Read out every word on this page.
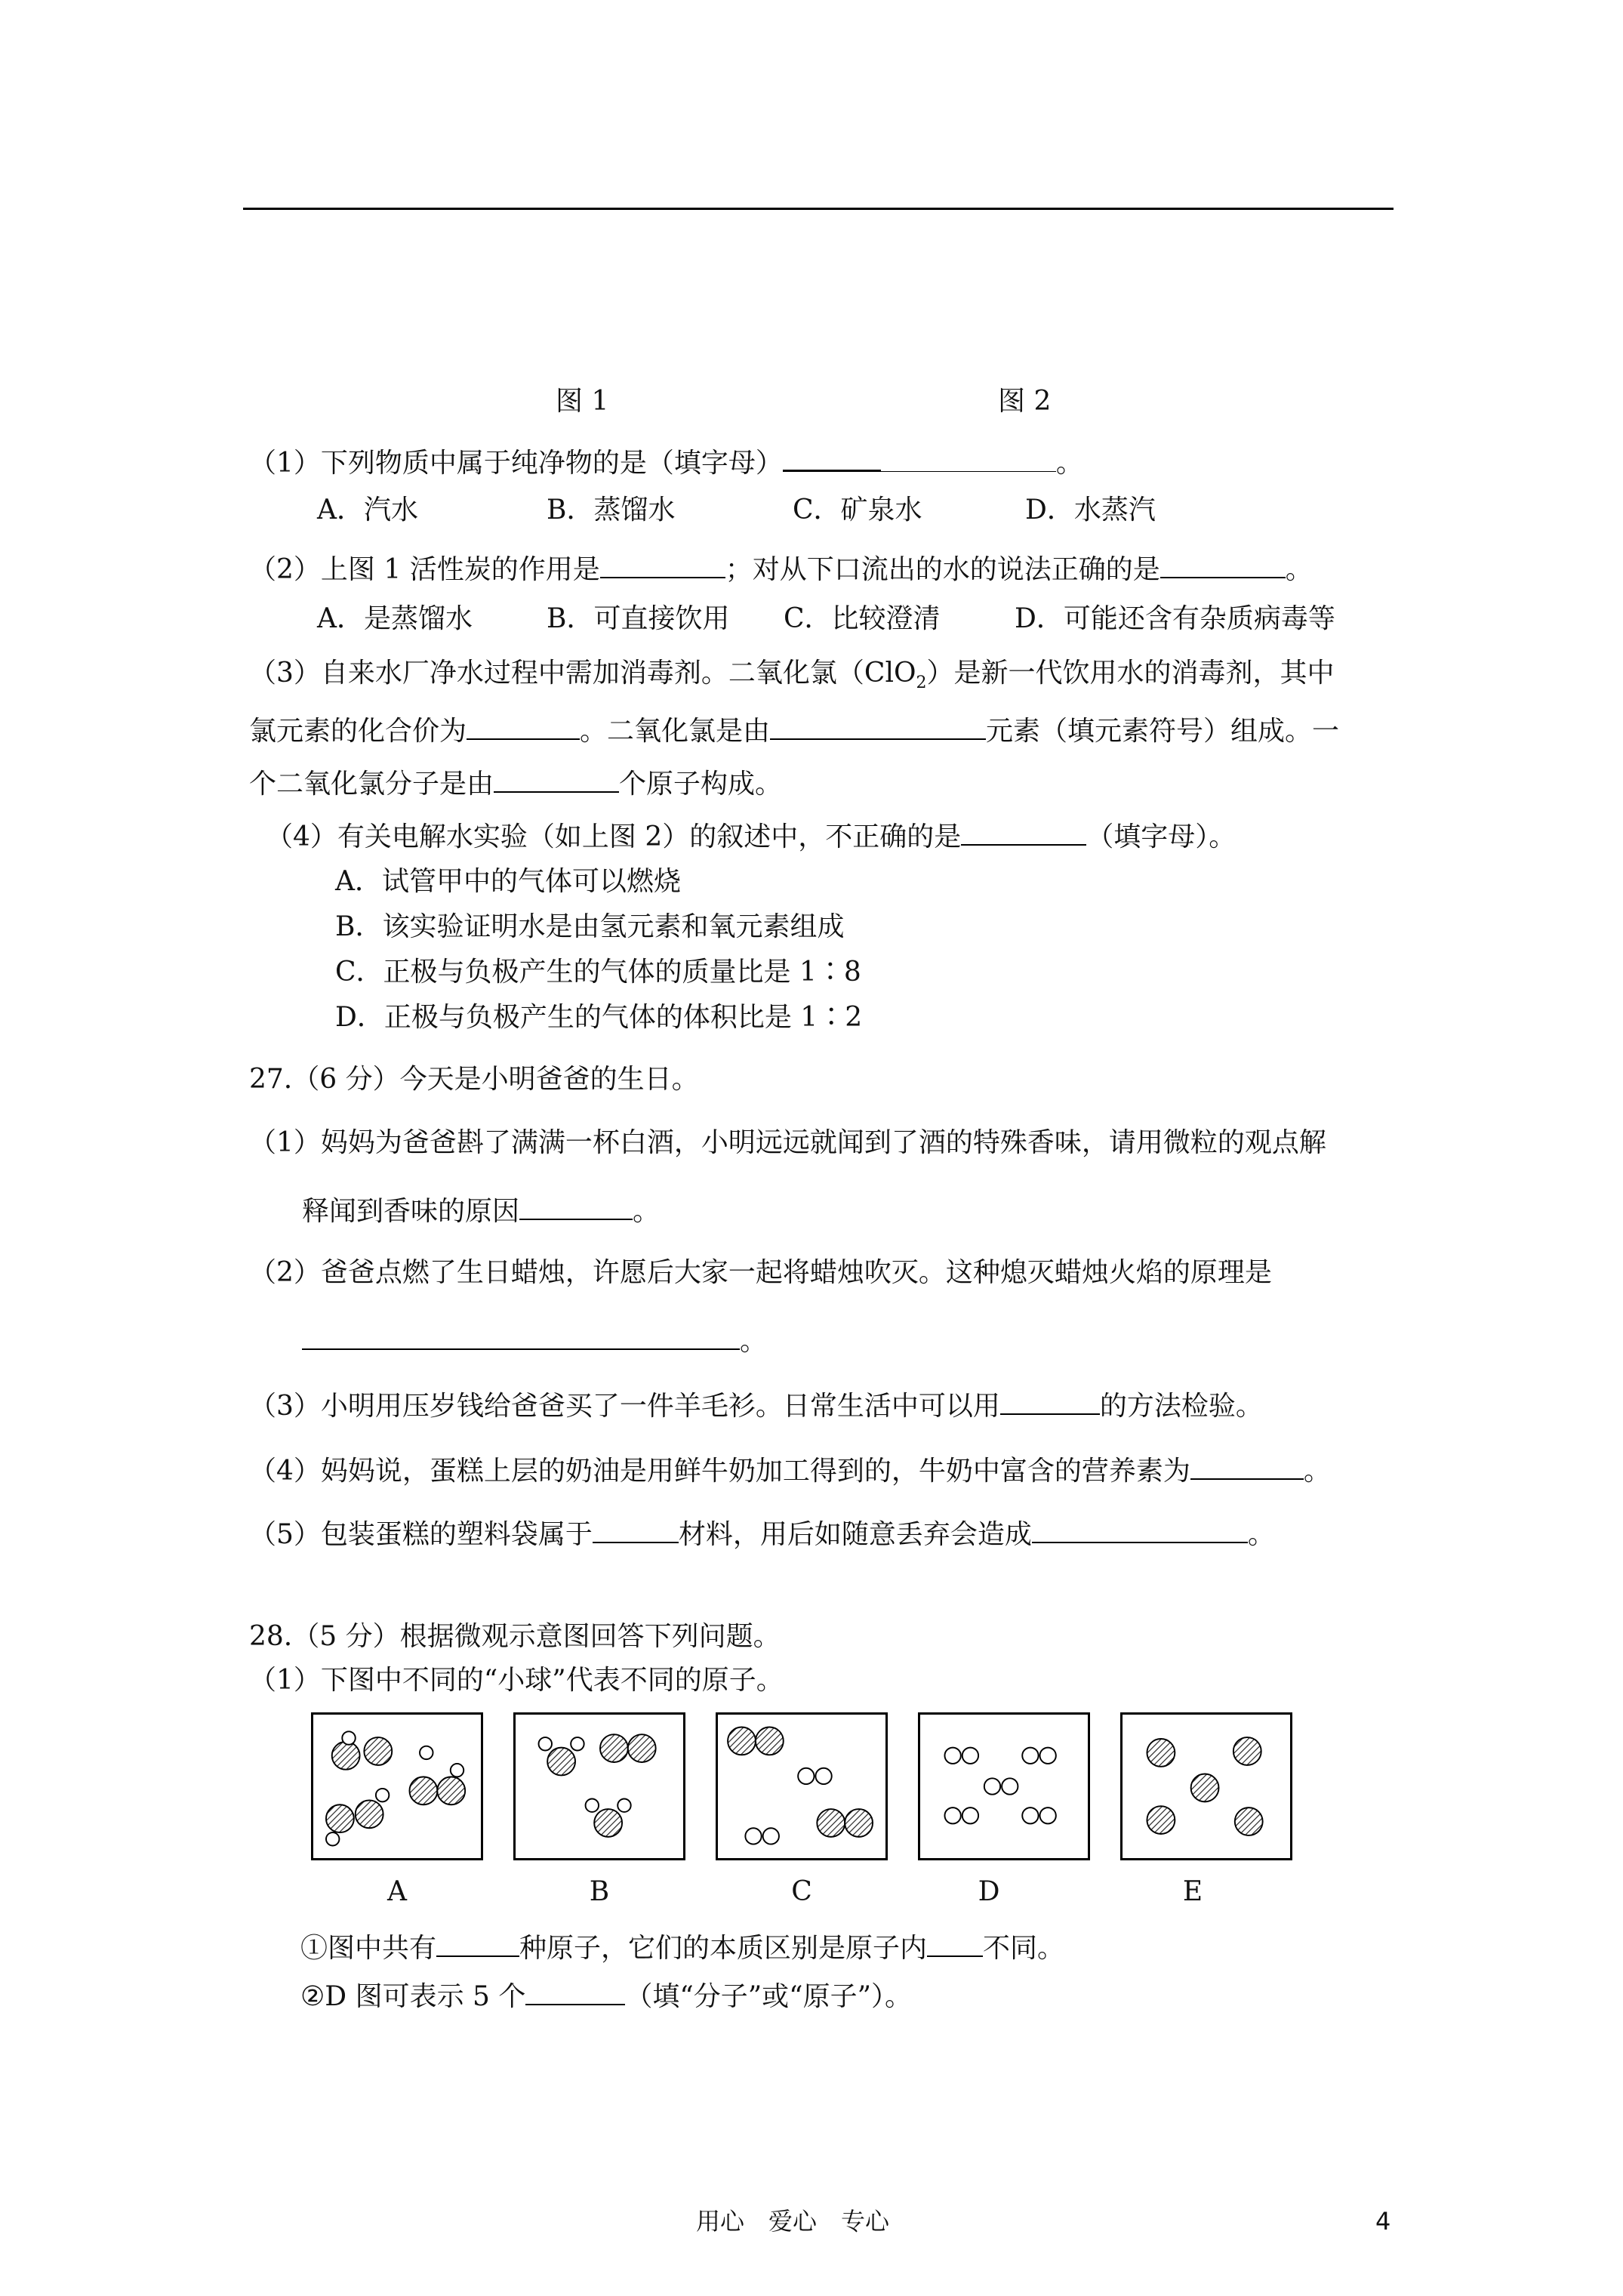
图 1	图 2
（1）下列物质中属于纯净物的是（填字母）	。
A．汽水	B．蒸馏水	C．矿泉水	D．水蒸汽
（2）上图 1 活性炭的作用是	；对从下口流出的水的说法正确的是	。
A．是蒸馏水	B．可直接饮用 C．比较澄清	D．可能还含有杂质病毒等
（3）自来水厂净水过程中需加消毒剂。二氧化氯（ClO$_2$）是新一代饮用水的消毒剂，其中
氯元素的化合价为	。二氧化氯是由	元素（填元素符号）组成。一
个二氧化氯分子是由	个原子构成。
（4）有关电解水实验（如上图 2）的叙述中，不正确的是	（填字母）。
A．试管甲中的气体可以燃烧
B．该实验证明水是由氢元素和氧元素组成
C．正极与负极产生的气体的质量比是 1∶8
D．正极与负极产生的气体的体积比是 1∶2
27.（6 分）今天是小明爸爸的生日。
（1）妈妈为爸爸斟了满满一杯白酒，小明远远就闻到了酒的特殊香味，请用微粒的观点解
释闻到香味的原因	。
（2）爸爸点燃了生日蜡烛，许愿后大家一起将蜡烛吹灭。这种熄灭蜡烛火焰的原理是
。
（3）小明用压岁钱给爸爸买了一件羊毛衫。日常生活中可以用	的方法检验。
（4）妈妈说，蛋糕上层的奶油是用鲜牛奶加工得到的，牛奶中富含的营养素为	。
（5）包装蛋糕的塑料袋属于	材料，用后如随意丢弃会造成	。
28.（5 分）根据微观示意图回答下列问题。
（1）下图中不同的“小球”代表不同的原子。
A	B	C	D	E
①图中共有	种原子，它们的本质区别是原子内 不同。
②D 图可表示 5 个	（填“分子”或“原子”）。
用心　爱心　专心	4
